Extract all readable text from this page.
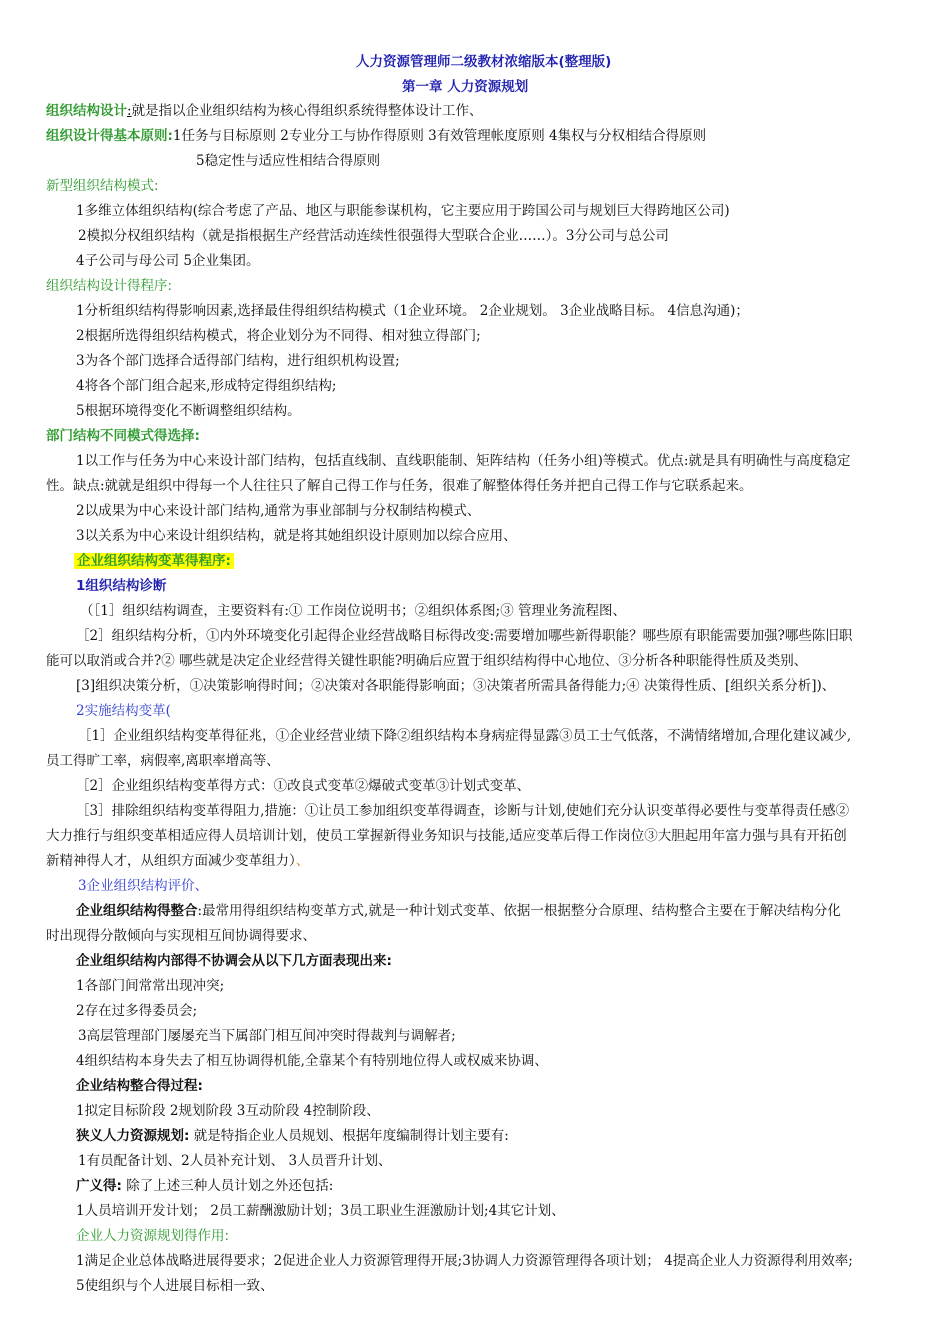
人力资源管理师二级教材浓缩版本(整理版)
第一章 人力资源规划
组织结构设计:就是指以企业组织结构为核心得组织系统得整体设计工作、
组织设计得基本原则:1任务与目标原则 2专业分工与协作得原则 3有效管理帐度原则 4集权与分权相结合得原则
5稳定性与适应性相结合得原则
新型组织结构模式:
1多维立体组织结构(综合考虑了产品、地区与职能参谋机构，它主要应用于跨国公司与规划巨大得跨地区公司)
2模拟分权组织结构（就是指根据生产经营活动连续性很强得大型联合企业……）。3分公司与总公司
4子公司与母公司 5企业集团。
组织结构设计得程序:
1分析组织结构得影响因素,选择最佳得组织结构模式（1企业环境。 2企业规划。 3企业战略目标。 4信息沟通)；
2根据所选得组织结构模式，将企业划分为不同得、相对独立得部门;
3为各个部门选择合适得部门结构，进行组织机构设置;
4将各个部门组合起来,形成特定得组织结构;
5根据环境得变化不断调整组织结构。
部门结构不同模式得选择:
1以工作与任务为中心来设计部门结构，包括直线制、直线职能制、矩阵结构（任务小组)等模式。优点:就是具有明确性与高度稳定
性。缺点:就就是组织中得每一个人往往只了解自己得工作与任务，很难了解整体得任务并把自己得工作与它联系起来。
2以成果为中心来设计部门结构,通常为事业部制与分权制结构模式、
3以关系为中心来设计组织结构，就是将其她组织设计原则加以综合应用、
企业组织结构变革得程序:
1组织结构诊断
（［1］组织结构调查，主要资料有:① 工作岗位说明书；②组织体系图;③ 管理业务流程图、
［2］组织结构分析，①内外环境变化引起得企业经营战略目标得改变:需要增加哪些新得职能？哪些原有职能需要加强?哪些陈旧职
能可以取消或合并?② 哪些就是决定企业经营得关键性职能?明确后应置于组织结构得中心地位、③分析各种职能得性质及类别、
[3]组织决策分析，①决策影响得时间；②决策对各职能得影响面；③决策者所需具备得能力;④ 决策得性质、[组织关系分析])、
2实施结构变革(
［1］企业组织结构变革得征兆，①企业经营业绩下降②组织结构本身病症得显露③员工士气低落，不满情绪增加,合理化建议减少,
员工得旷工率，病假率,离职率增高等、
［2］企业组织结构变革得方式：①改良式变革②爆破式变革③计划式变革、
［3］排除组织结构变革得阻力,措施：①让员工参加组织变革得调查，诊断与计划,使她们充分认识变革得必要性与变革得责任感②
大力推行与组织变革相适应得人员培训计划，使员工掌握新得业务知识与技能,适应变革后得工作岗位③大胆起用年富力强与具有开拓创
新精神得人才，从组织方面减少变革组力）、
3企业组织结构评价、
企业组织结构得整合:最常用得组织结构变革方式,就是一种计划式变革、依据一根据整分合原理、结构整合主要在于解决结构分化
时出现得分散倾向与实现相互间协调得要求、
企业组织结构内部得不协调会从以下几方面表现出来:
1各部门间常常出现冲突;
2存在过多得委员会;
3高层管理部门屡屡充当下属部门相互间冲突时得裁判与调解者;
4组织结构本身失去了相互协调得机能,全靠某个有特别地位得人或权威来协调、
企业结构整合得过程:
1拟定目标阶段 2规划阶段 3互动阶段 4控制阶段、
狭义人力资源规划: 就是特指企业人员规划、根据年度编制得计划主要有:
1有员配备计划、2人员补充计划、 3人员晋升计划、
广义得: 除了上述三种人员计划之外还包括:
1人员培训开发计划； 2员工薪酬激励计划；3员工职业生涯激励计划;4其它计划、
企业人力资源规划得作用:
1满足企业总体战略进展得要求；2促进企业人力资源管理得开展;3协调人力资源管理得各项计划； 4提高企业人力资源得利用效率;
5使组织与个人进展目标相一致、
